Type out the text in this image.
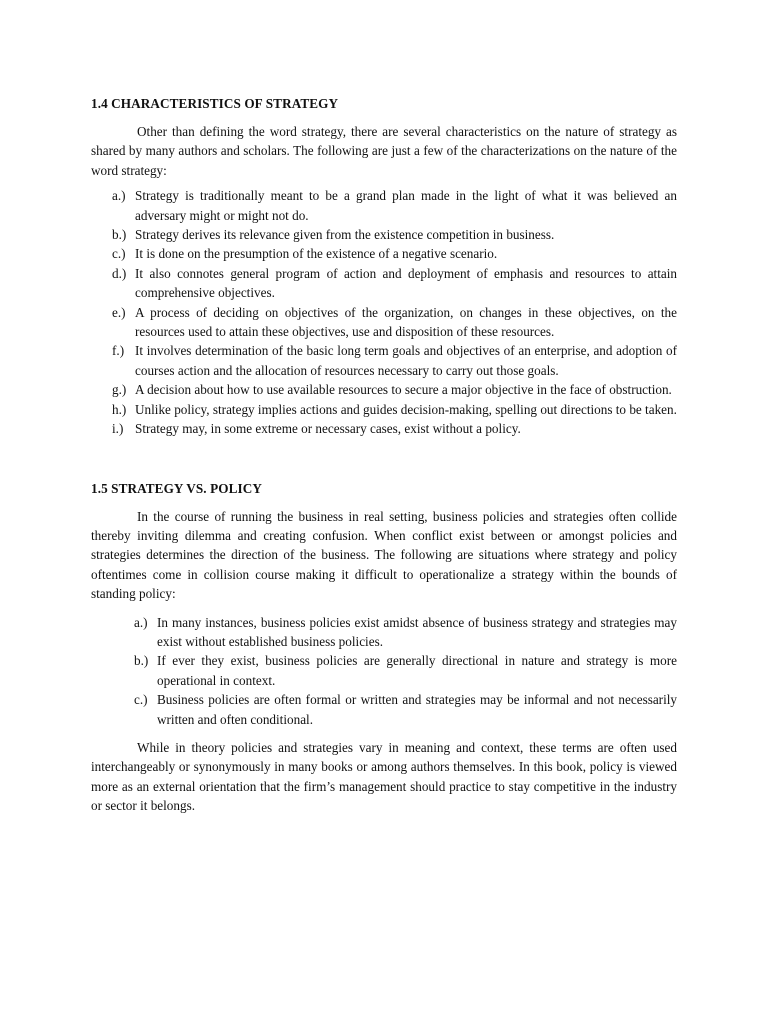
1.4 CHARACTERISTICS OF STRATEGY

Other than defining the word strategy, there are several characteristics on the nature of strategy as shared by many authors and scholars. The following are just a few of the characterizations on the nature of the word strategy:

a.) Strategy is traditionally meant to be a grand plan made in the light of what it was believed an adversary might or might not do.
b.) Strategy derives its relevance given from the existence competition in business.
c.) It is done on the presumption of the existence of a negative scenario.
d.) It also connotes general program of action and deployment of emphasis and resources to attain comprehensive objectives.
e.) A process of deciding on objectives of the organization, on changes in these objectives, on the resources used to attain these objectives, use and disposition of these resources.
f.) It involves determination of the basic long term goals and objectives of an enterprise, and adoption of courses action and the allocation of resources necessary to carry out those goals.
g.) A decision about how to use available resources to secure a major objective in the face of obstruction.
h.) Unlike policy, strategy implies actions and guides decision-making, spelling out directions to be taken.
i.) Strategy may, in some extreme or necessary cases, exist without a policy.
1.5 STRATEGY VS. POLICY

In the course of running the business in real setting, business policies and strategies often collide thereby inviting dilemma and creating confusion. When conflict exist between or amongst policies and strategies determines the direction of the business. The following are situations where strategy and policy oftentimes come in collision course making it difficult to operationalize a strategy within the bounds of standing policy:

a.) In many instances, business policies exist amidst absence of business strategy and strategies may exist without established business policies.
b.) If ever they exist, business policies are generally directional in nature and strategy is more operational in context.
c.) Business policies are often formal or written and strategies may be informal and not necessarily written and often conditional.

While in theory policies and strategies vary in meaning and context, these terms are often used interchangeably or synonymously in many books or among authors themselves. In this book, policy is viewed more as an external orientation that the firm’s management should practice to stay competitive in the industry or sector it belongs.
